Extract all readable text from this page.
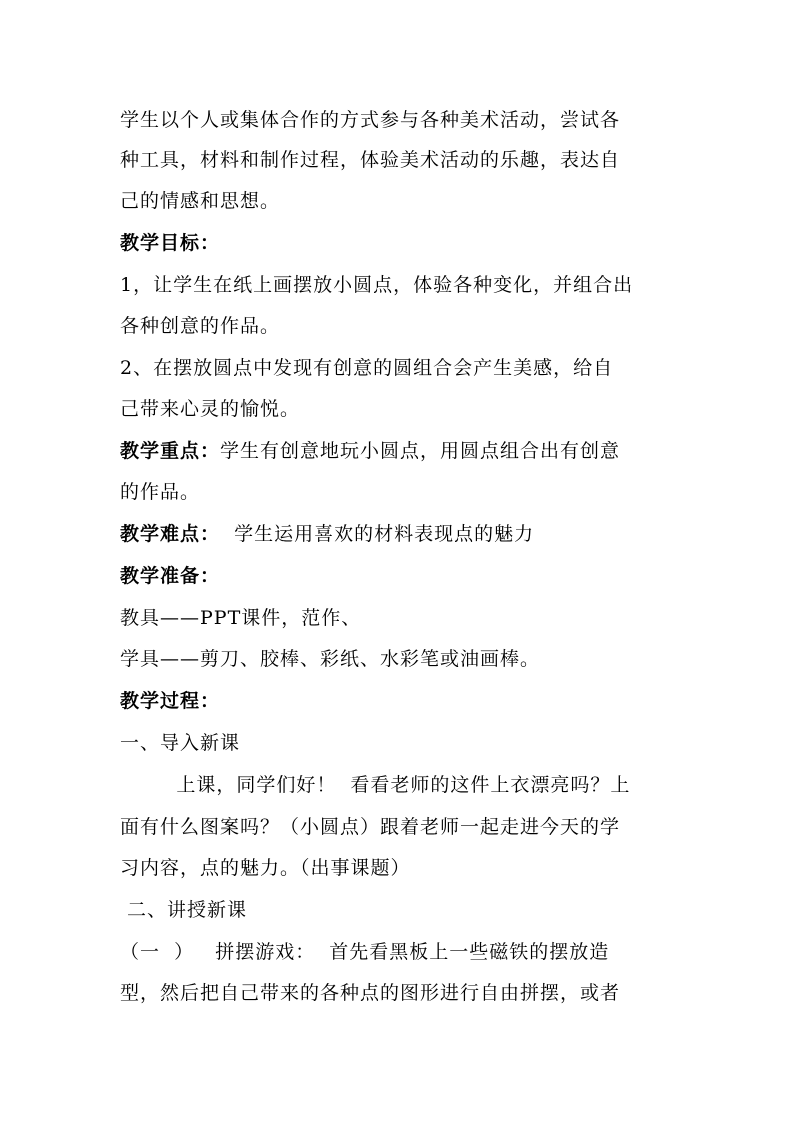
学生以个人或集体合作的方式参与各种美术活动，尝试各
种工具，材料和制作过程，体验美术活动的乐趣，表达自
己的情感和思想。
教学目标：
1，让学生在纸上画摆放小圆点，体验各种变化，并组合出
各种创意的作品。
2、在摆放圆点中发现有创意的圆组合会产生美感，给自
己带来心灵的愉悦。
教学重点：学生有创意地玩小圆点，用圆点组合出有创意
的作品。
教学难点：  学生运用喜欢的材料表现点的魅力
教学准备：
教具——PPT课件，范作、
学具——剪刀、胶棒、彩纸、水彩笔或油画棒。
教学过程：
一、导入新课
上课，同学们好！  看看老师的这件上衣漂亮吗？上
面有什么图案吗？（小圆点）跟着老师一起走进今天的学
习内容，点的魅力。（出事课题）
二、讲授新课
（一  ）   拼摆游戏：  首先看黑板上一些磁铁的摆放造
型，然后把自己带来的各种点的图形进行自由拼摆，或者
